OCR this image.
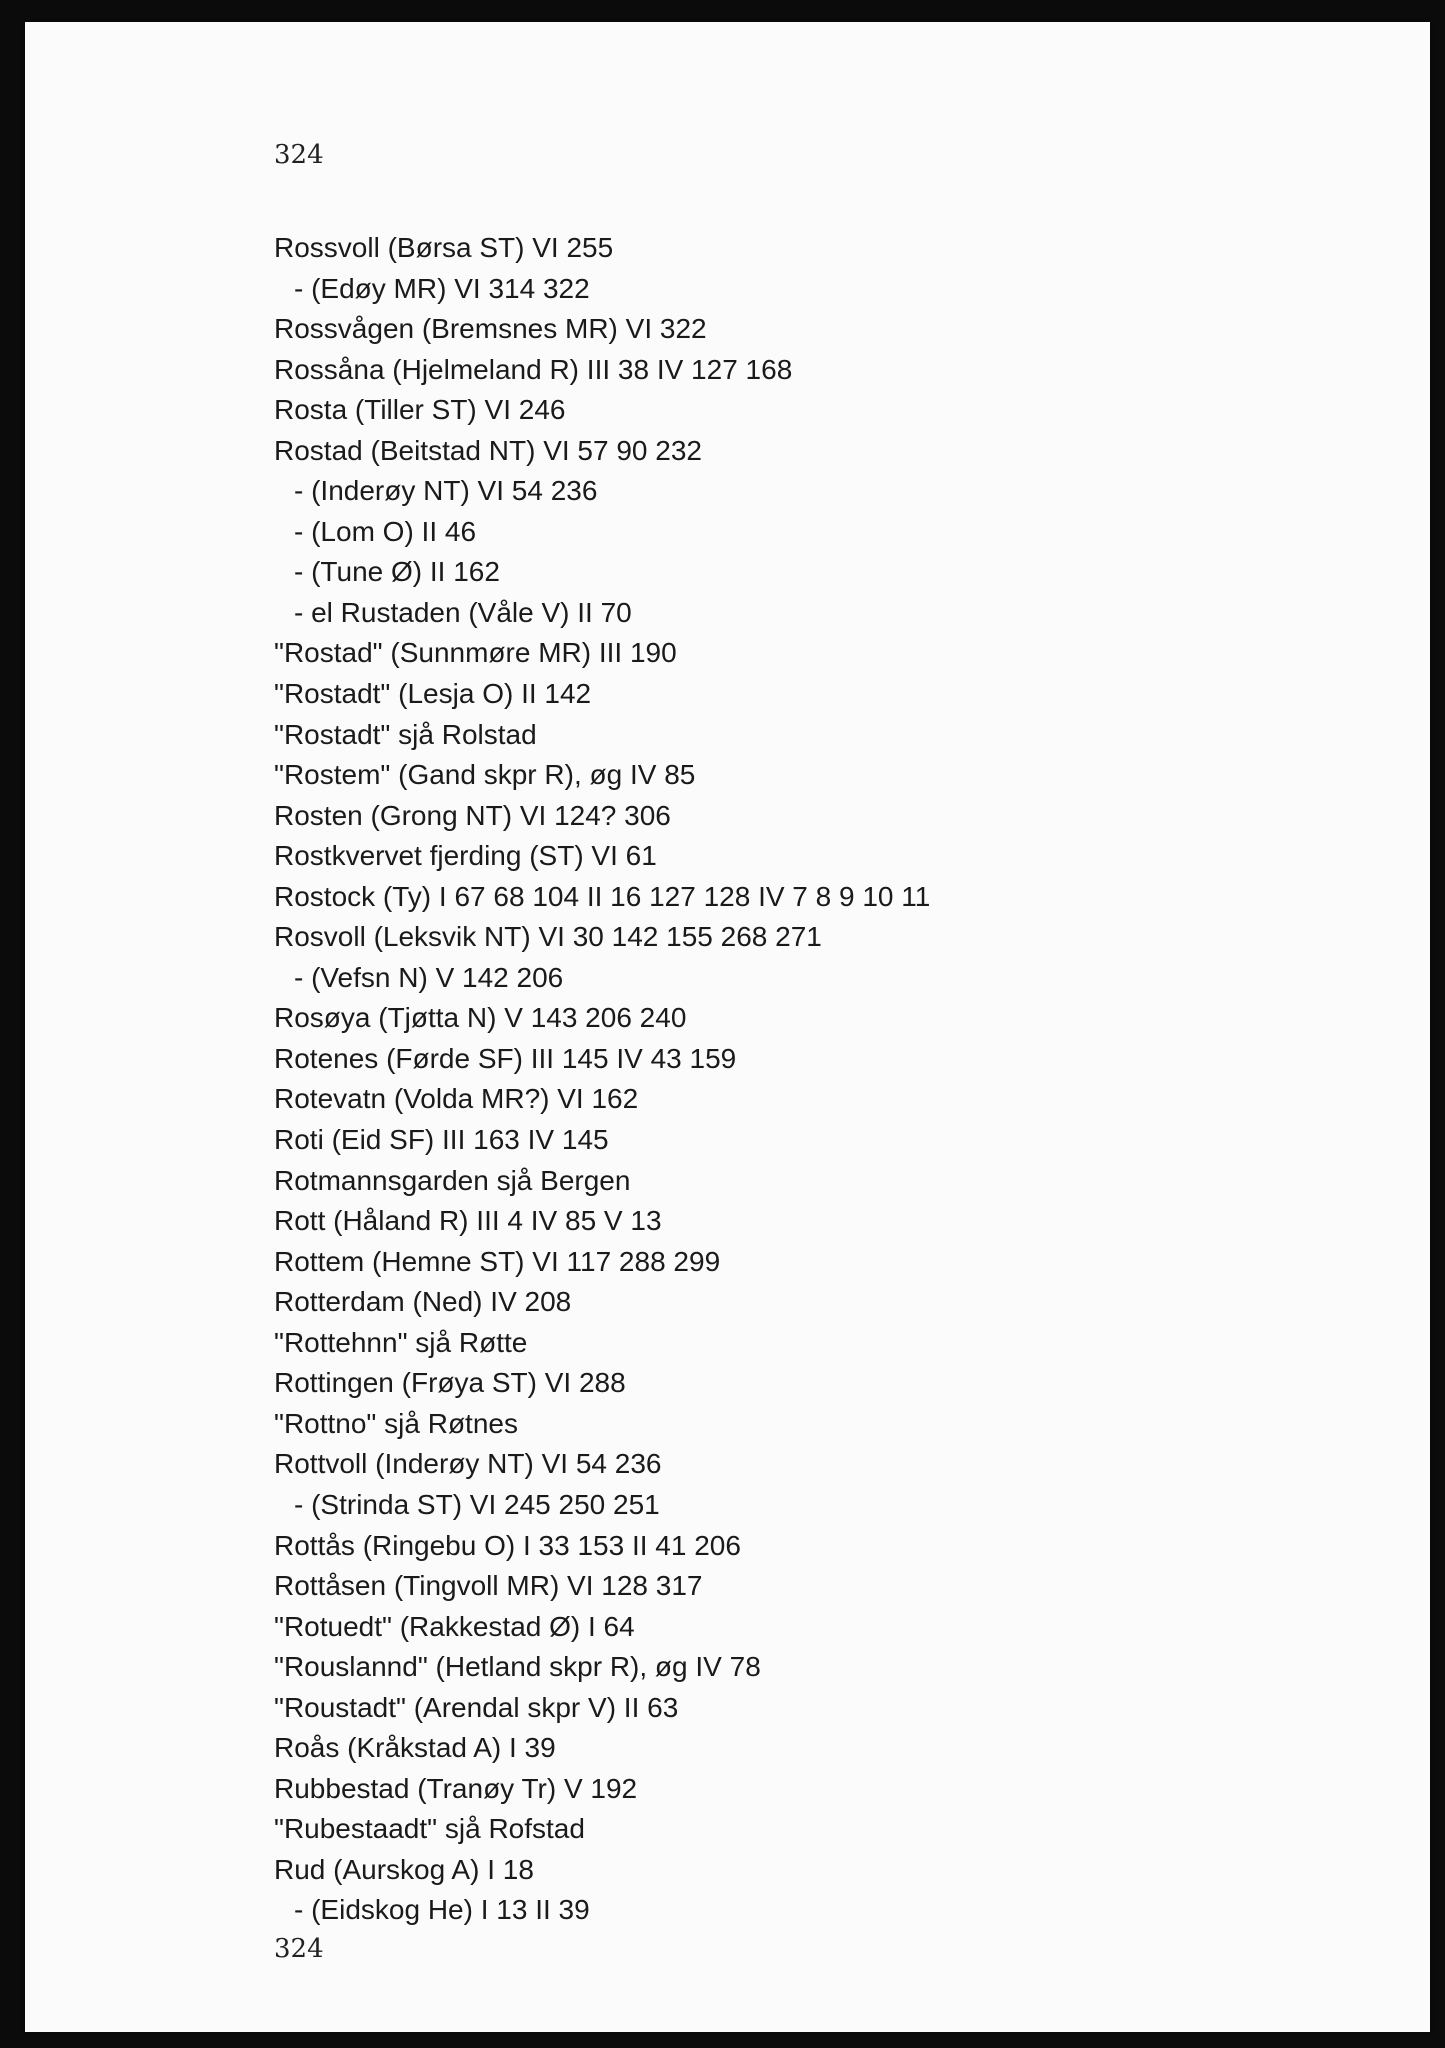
324

Rossvoll (Børsa ST) VI 255
- (Edøy MR) VI 314 322
Rossvågen (Bremsnes MR) VI 322
Rossåna (Hjelmeland R) III 38 IV 127 168
Rosta (Tiller ST) VI 246
Rostad (Beitstad NT) VI 57 90 232
- (Inderøy NT) VI 54 236
- (Lom O) II 46
- (Tune Ø) II 162
- el Rustaden (Våle V) II 70
"Rostad" (Sunnmøre MR) III 190
"Rostadt" (Lesja O) II 142
"Rostadt" sjå Rolstad
"Rostem" (Gand skpr R), øg IV 85
Rosten (Grong NT) VI 124? 306
Rostkvervet fjerding (ST) VI 61
Rostock (Ty) I 67 68 104 II 16 127 128 IV 7 8 9 10 11
Rosvoll (Leksvik NT) VI 30 142 155 268 271
- (Vefsn N) V 142 206
Rosøya (Tjøtta N) V 143 206 240
Rotenes (Førde SF) III 145 IV 43 159
Rotevatn (Volda MR?) VI 162
Roti (Eid SF) III 163 IV 145
Rotmannsgarden sjå Bergen
Rott (Håland R) III 4 IV 85 V 13
Rottem (Hemne ST) VI 117 288 299
Rotterdam (Ned) IV 208
"Rottehnn" sjå Røtte
Rottingen (Frøya ST) VI 288
"Rottno" sjå Røtnes
Rottvoll (Inderøy NT) VI 54 236
- (Strinda ST) VI 245 250 251
Rottås (Ringebu O) I 33 153 II 41 206
Rottåsen (Tingvoll MR) VI 128 317
"Rotuedt" (Rakkestad Ø) I 64
"Rouslannd" (Hetland skpr R), øg IV 78
"Roustadt" (Arendal skpr V) II 63
Roås (Kråkstad A) I 39
Rubbestad (Tranøy Tr) V 192
"Rubestaadt" sjå Rofstad
Rud (Aurskog A) I 18
- (Eidskog He) I 13 II 39

324
